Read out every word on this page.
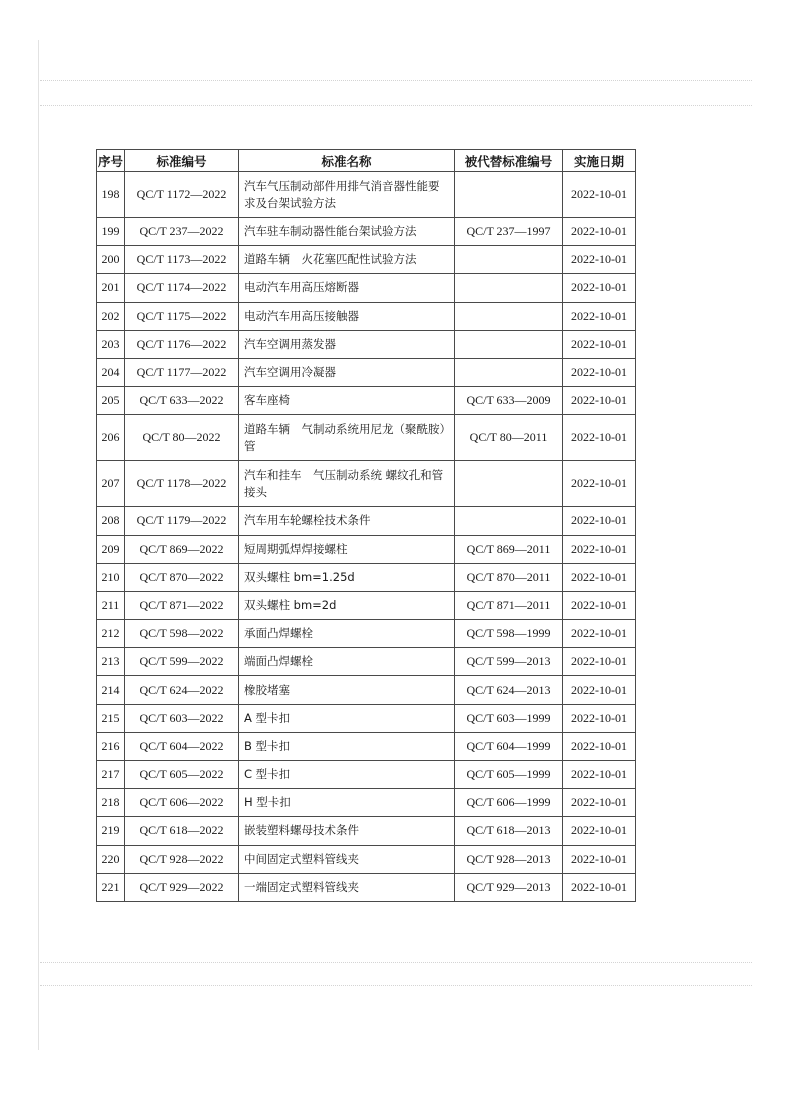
序号	标准编号	标准名称	被代替标准编号	实施日期
198	QC/T 1172—2022	汽车气压制动部件用排气消音器性能要求及台架试验方法		2022-10-01
199	QC/T 237—2022	汽车驻车制动器性能台架试验方法	QC/T 237—1997	2022-10-01
200	QC/T 1173—2022	道路车辆　火花塞匹配性试验方法		2022-10-01
201	QC/T 1174—2022	电动汽车用高压熔断器		2022-10-01
202	QC/T 1175—2022	电动汽车用高压接触器		2022-10-01
203	QC/T 1176—2022	汽车空调用蒸发器		2022-10-01
204	QC/T 1177—2022	汽车空调用冷凝器		2022-10-01
205	QC/T 633—2022	客车座椅	QC/T 633—2009	2022-10-01
206	QC/T 80—2022	道路车辆　气制动系统用尼龙（聚酰胺）管	QC/T 80—2011	2022-10-01
207	QC/T 1178—2022	汽车和挂车　气压制动系统 螺纹孔和管接头		2022-10-01
208	QC/T 1179—2022	汽车用车轮螺栓技术条件		2022-10-01
209	QC/T 869—2022	短周期弧焊焊接螺柱	QC/T 869—2011	2022-10-01
210	QC/T 870—2022	双头螺柱 bm=1.25d	QC/T 870—2011	2022-10-01
211	QC/T 871—2022	双头螺柱 bm=2d	QC/T 871—2011	2022-10-01
212	QC/T 598—2022	承面凸焊螺栓	QC/T 598—1999	2022-10-01
213	QC/T 599—2022	端面凸焊螺栓	QC/T 599—2013	2022-10-01
214	QC/T 624—2022	橡胶堵塞	QC/T 624—2013	2022-10-01
215	QC/T 603—2022	A 型卡扣	QC/T 603—1999	2022-10-01
216	QC/T 604—2022	B 型卡扣	QC/T 604—1999	2022-10-01
217	QC/T 605—2022	C 型卡扣	QC/T 605—1999	2022-10-01
218	QC/T 606—2022	H 型卡扣	QC/T 606—1999	2022-10-01
219	QC/T 618—2022	嵌装塑料螺母技术条件	QC/T 618—2013	2022-10-01
220	QC/T 928—2022	中间固定式塑料管线夹	QC/T 928—2013	2022-10-01
221	QC/T 929—2022	一端固定式塑料管线夹	QC/T 929—2013	2022-10-01
